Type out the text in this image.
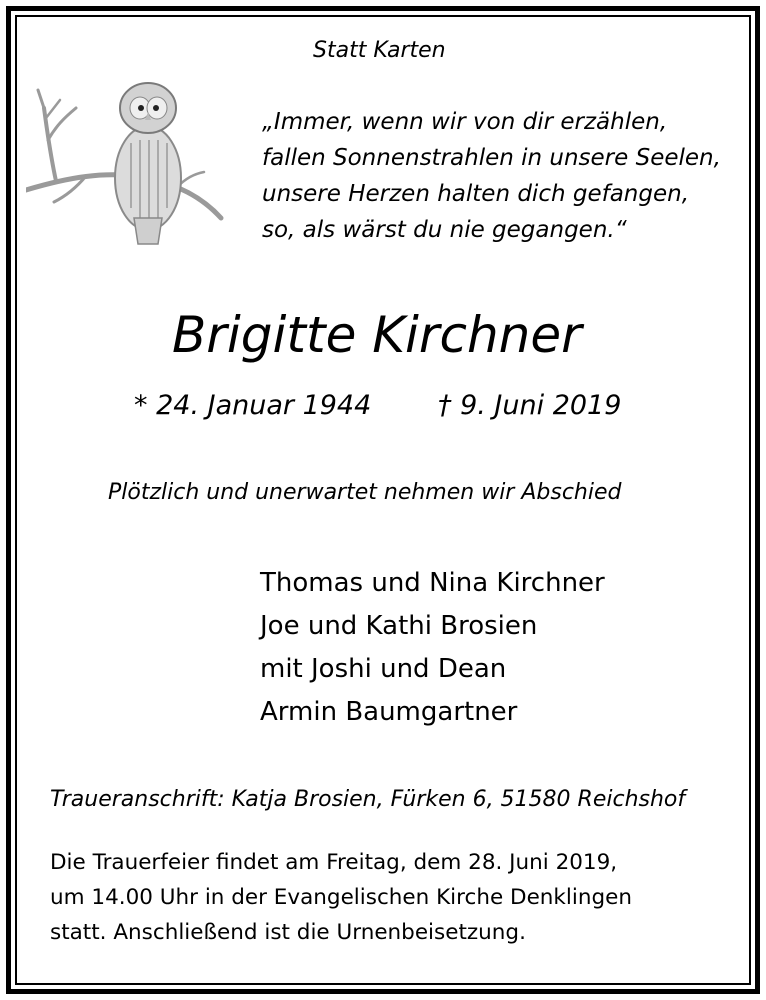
Statt Karten

„Immer, wenn wir von dir erzählen,
fallen Sonnenstrahlen in unsere Seelen,
unsere Herzen halten dich gefangen,
so, als wärst du nie gegangen.“

Brigitte Kirchner

* 24. Januar 1944 † 9. Juni 2019

Plötzlich und unerwartet nehmen wir Abschied

Thomas und Nina Kirchner
Joe und Kathi Brosien
mit Joshi und Dean
Armin Baumgartner

Traueranschrift: Katja Brosien, Fürken 6, 51580 Reichshof

Die Trauerfeier findet am Freitag, dem 28. Juni 2019,
um 14.00 Uhr in der Evangelischen Kirche Denklingen
statt. Anschließend ist die Urnenbeisetzung.
